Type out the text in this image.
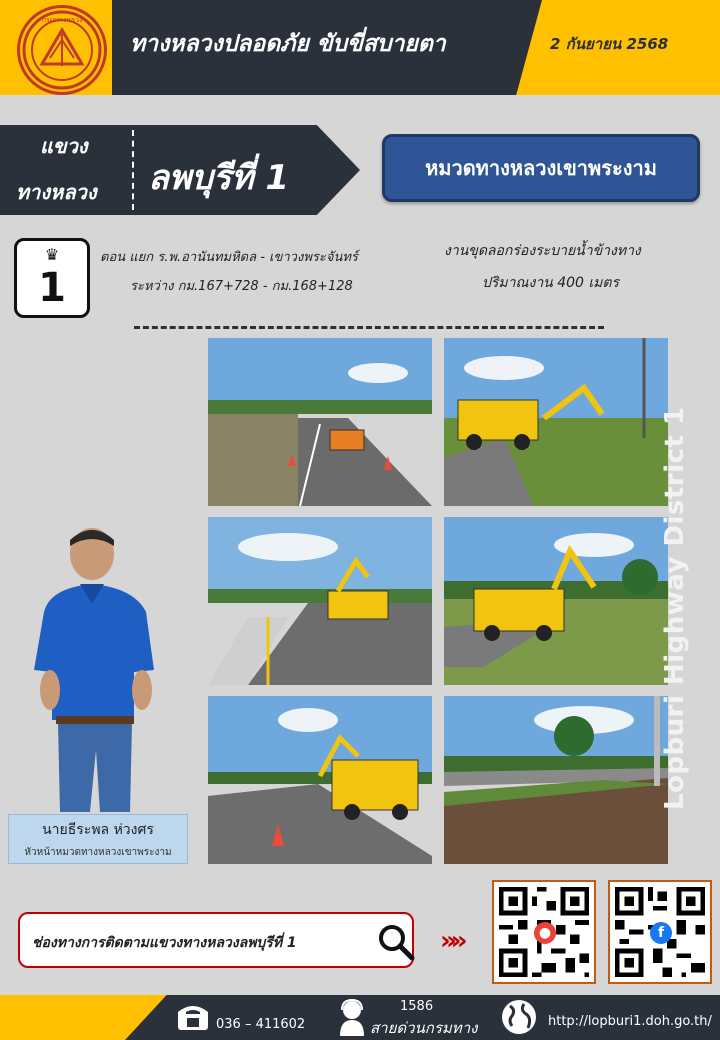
กรมทางหลวง
ทางหลวงปลอดภัย ขับขี่สบายตา	2 กันยายน 2568
แขวง
ทางหลวง ลพบุรีที่ 1	หมวดทางหลวงเขาพระงาม
♛
1
ตอน แยก ร.พ.อานันทมหิดล - เขาวงพระจันทร์
ระหว่าง กม.167+728 - กม.168+128
งานขุดลอกร่องระบายน้ำข้างทาง
ปริมาณงาน 400 เมตร
นายธีระพล ห่วงศร
หัวหน้าหมวดทางหลวงเขาพระงาม
Lopburi Highway District 1
ช่องทางการติดตามแขวงทางหลวงลพบุรีที่ 1	»»	●	f
036 – 411602
1586
สายด่วนกรมทาง	http://lopburi1.doh.go.th/
